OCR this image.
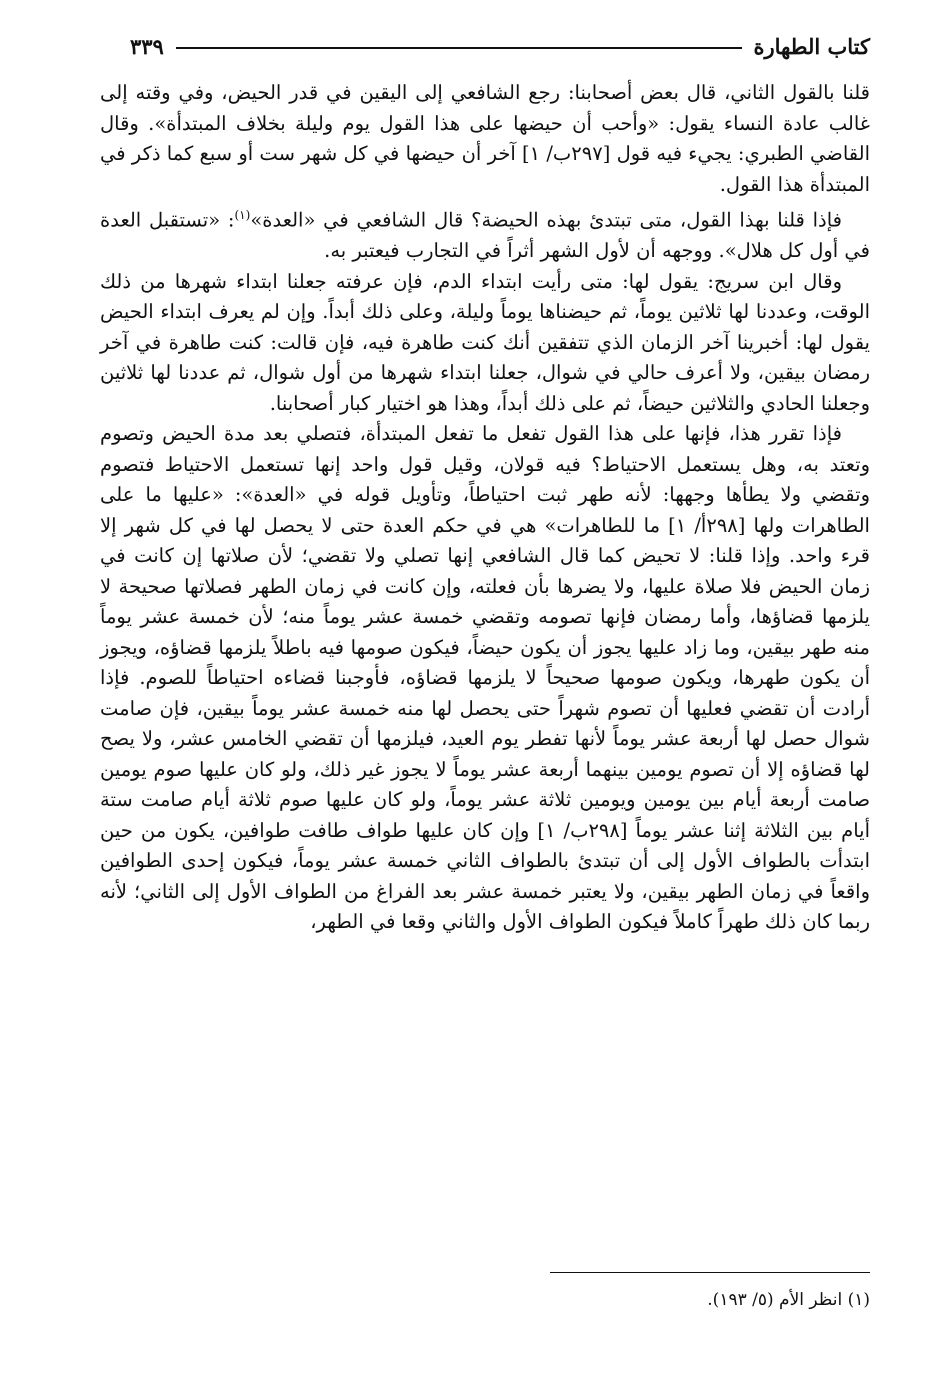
كتاب الطهارة
٣٣٩

قلنا بالقول الثاني، قال بعض أصحابنا: رجع الشافعي إلى اليقين في قدر الحيض، وفي وقته إلى غالب عادة النساء يقول: «وأحب أن حيضها على هذا القول يوم وليلة بخلاف المبتدأة». وقال القاضي الطبري: يجيء فيه قول [٢٩٧ب/ ١] آخر أن حيضها في كل شهر ست أو سبع كما ذكر في المبتدأة هذا القول.

فإذا قلنا بهذا القول، متى تبتدئ بهذه الحيضة؟ قال الشافعي في «العدة»$^{(١)}$: «تستقبل العدة في أول كل هلال». ووجهه أن لأول الشهر أثراً في التجارب فيعتبر به.

وقال ابن سريج: يقول لها: متى رأيت ابتداء الدم، فإن عرفته جعلنا ابتداء شهرها من ذلك الوقت، وعددنا لها ثلاثين يوماً، ثم حيضناها يوماً وليلة، وعلى ذلك أبداً. وإن لم يعرف ابتداء الحيض يقول لها: أخبرينا آخر الزمان الذي تتفقين أنك كنت طاهرة فيه، فإن قالت: كنت طاهرة في آخر رمضان بيقين، ولا أعرف حالي في شوال، جعلنا ابتداء شهرها من أول شوال، ثم عددنا لها ثلاثين وجعلنا الحادي والثلاثين حيضاً، ثم على ذلك أبداً، وهذا هو اختيار كبار أصحابنا.

فإذا تقرر هذا، فإنها على هذا القول تفعل ما تفعل المبتدأة، فتصلي بعد مدة الحيض وتصوم وتعتد به، وهل يستعمل الاحتياط؟ فيه قولان، وقيل قول واحد إنها تستعمل الاحتياط فتصوم وتقضي ولا يطأها وجهها: لأنه طهر ثبت احتياطاً، وتأويل قوله في «العدة»: «عليها ما على الطاهرات ولها [٢٩٨أ/ ١] ما للطاهرات» هي في حكم العدة حتى لا يحصل لها في كل شهر إلا قرء واحد. وإذا قلنا: لا تحيض كما قال الشافعي إنها تصلي ولا تقضي؛ لأن صلاتها إن كانت في زمان الحيض فلا صلاة عليها، ولا يضرها بأن فعلته، وإن كانت في زمان الطهر فصلاتها صحيحة لا يلزمها قضاؤها، وأما رمضان فإنها تصومه وتقضي خمسة عشر يوماً منه؛ لأن خمسة عشر يوماً منه طهر بيقين، وما زاد عليها يجوز أن يكون حيضاً، فيكون صومها فيه باطلاً يلزمها قضاؤه، ويجوز أن يكون طهرها، ويكون صومها صحيحاً لا يلزمها قضاؤه، فأوجبنا قضاءه احتياطاً للصوم. فإذا أرادت أن تقضي فعليها أن تصوم شهراً حتى يحصل لها منه خمسة عشر يوماً بيقين، فإن صامت شوال حصل لها أربعة عشر يوماً لأنها تفطر يوم العيد، فيلزمها أن تقضي الخامس عشر، ولا يصح لها قضاؤه إلا أن تصوم يومين بينهما أربعة عشر يوماً لا يجوز غير ذلك، ولو كان عليها صوم يومين صامت أربعة أيام بين يومين ويومين ثلاثة عشر يوماً، ولو كان عليها صوم ثلاثة أيام صامت ستة أيام بين الثلاثة إثنا عشر يوماً [٢٩٨ب/ ١] وإن كان عليها طواف طافت طوافين، يكون من حين ابتدأت بالطواف الأول إلى أن تبتدئ بالطواف الثاني خمسة عشر يوماً، فيكون إحدى الطوافين واقعاً في زمان الطهر بيقين، ولا يعتبر خمسة عشر بعد الفراغ من الطواف الأول إلى الثاني؛ لأنه ربما كان ذلك طهراً كاملاً فيكون الطواف الأول والثاني وقعا في الطهر،

(١) انظر الأم (٥/ ١٩٣).
